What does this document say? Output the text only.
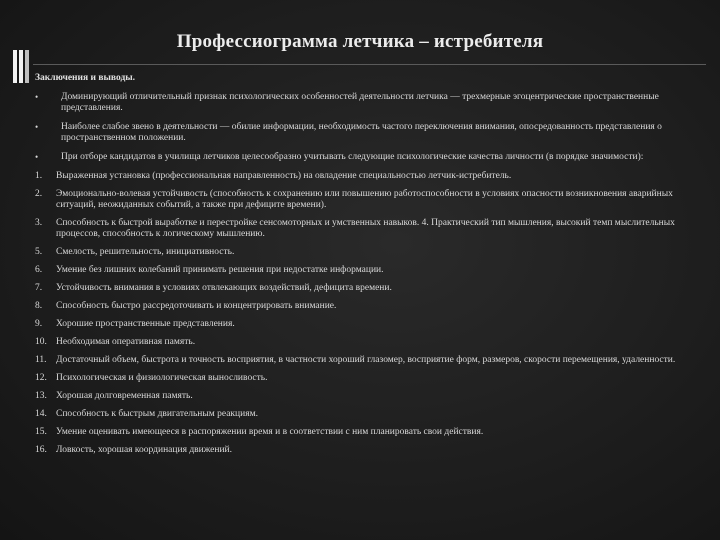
Профессиограмма летчика – истребителя
Заключения и выводы.
• Доминирующий отличительный признак психологических особенностей деятельности летчика — трехмерные эгоцентрические пространственные представления.
• Наиболее слабое звено в деятельности — обилие информации, необходимость частого переключения внимания, опосредованность представления о пространственном положении.
• При отборе кандидатов в училища летчиков целесообразно учитывать следующие психологические качества личности (в порядке значимости):
1. Выраженная установка (профессиональная направленность) на овладение специальностью летчик-истребитель.
2. Эмоционально-волевая устойчивость (способность к сохранению или повышению работоспособности в условиях опасности возникновения аварийных ситуаций, неожиданных событий, а также при дефиците времени).
3. Способность к быстрой выработке и перестройке сенсомоторных и умственных навыков. 4. Практический тип мышления, высокий темп мыслительных процессов, способность к логическому мышлению.
5. Смелость, решительность, инициативность.
6. Умение без лишних колебаний принимать решения при недостатке информации.
7. Устойчивость внимания в условиях отвлекающих воздействий, дефицита времени.
8. Способность быстро рассредоточивать и концентрировать внимание.
9. Хорошие пространственные представления.
10. Необходимая оперативная память.
11. Достаточный объем, быстрота и точность восприятия, в частности хороший глазомер, восприятие форм, размеров, скорости перемещения, удаленности.
12. Психологическая и физиологическая выносливость.
13. Хорошая долговременная память.
14. Способность к быстрым двигательным реакциям.
15. Умение оценивать имеющееся в распоряжении время и в соответствии с ним планировать свои действия.
16. Ловкость, хорошая координация движений.
